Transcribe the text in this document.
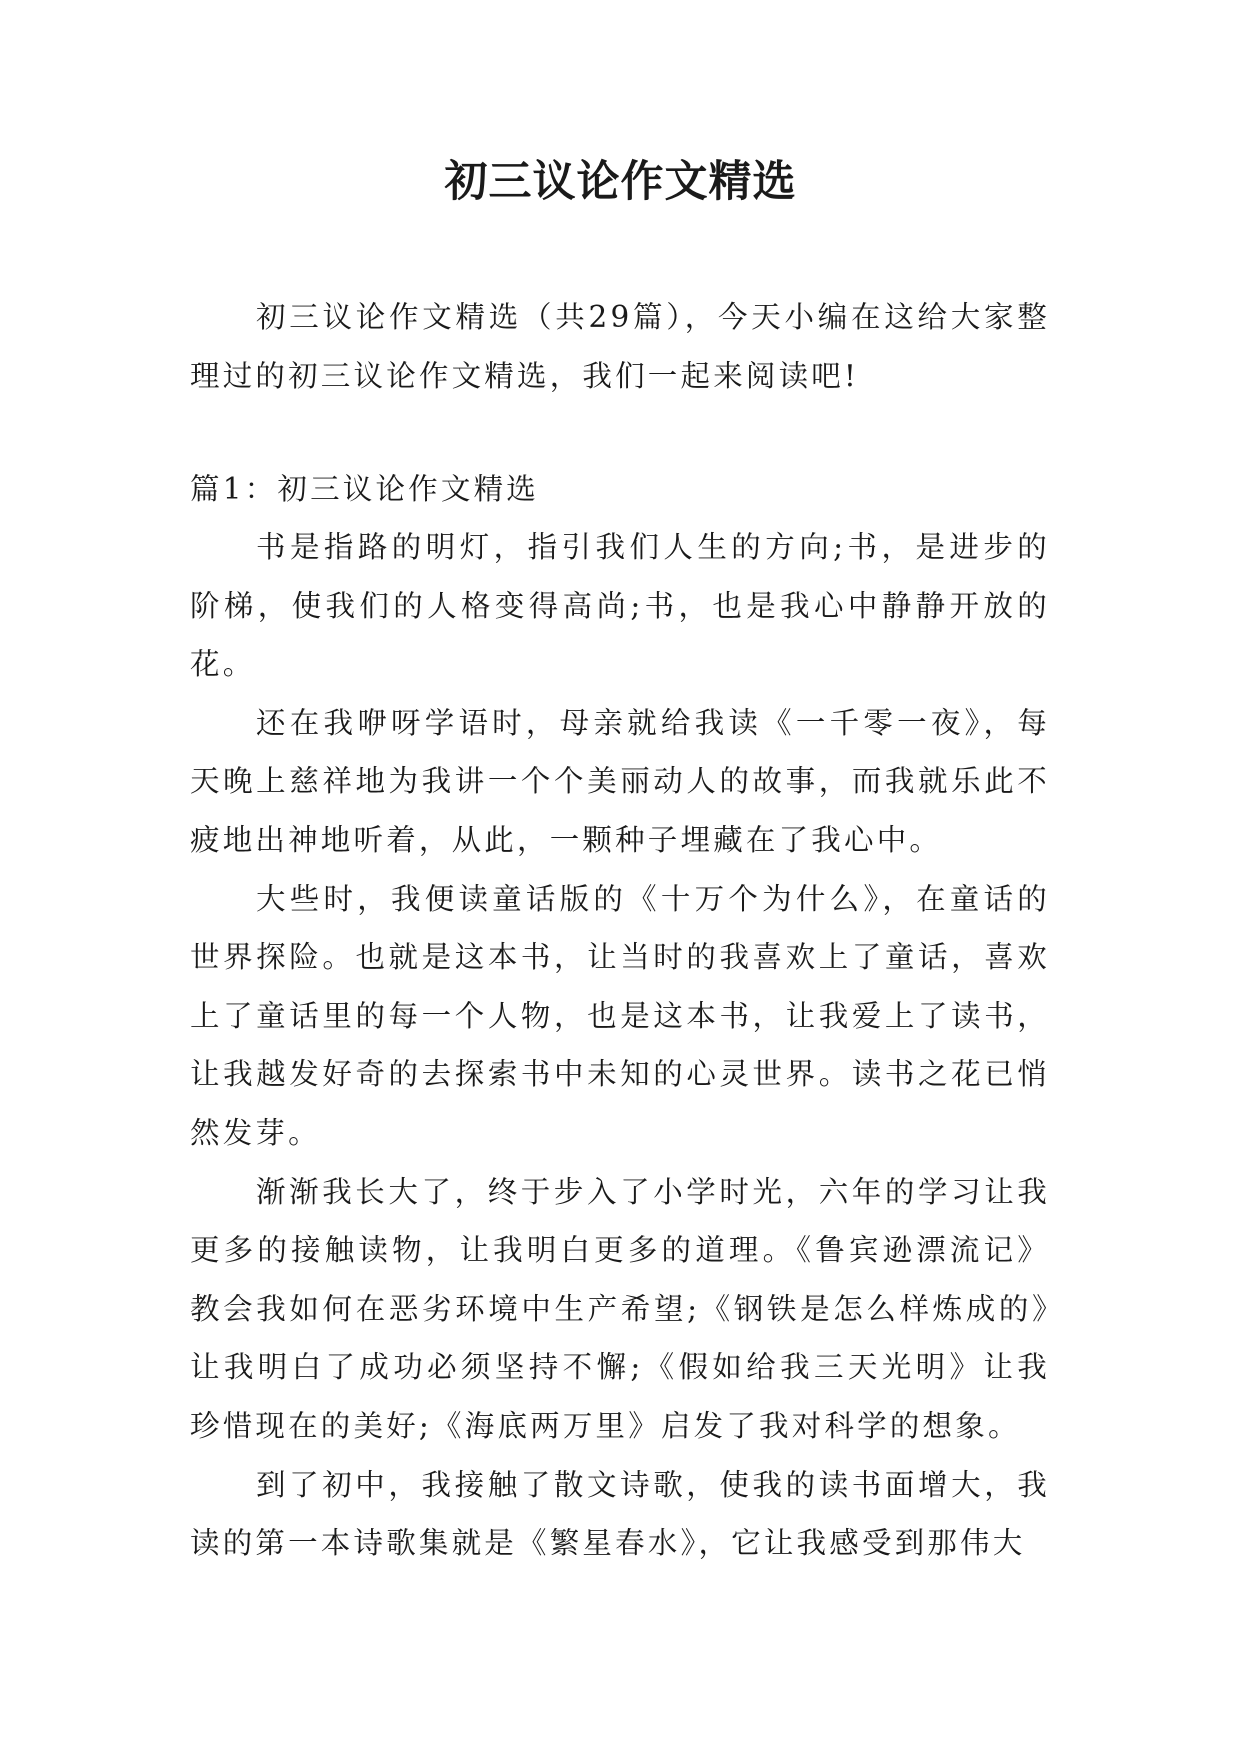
初三议论作文精选

初三议论作文精选（共29篇），今天小编在这给大家整理过的初三议论作文精选，我们一起来阅读吧!

篇1：初三议论作文精选

书是指路的明灯，指引我们人生的方向;书，是进步的阶梯，使我们的人格变得高尚;书，也是我心中静静开放的花。

还在我咿呀学语时，母亲就给我读《一千零一夜》，每天晚上慈祥地为我讲一个个美丽动人的故事，而我就乐此不疲地出神地听着，从此，一颗种子埋藏在了我心中。

大些时，我便读童话版的《十万个为什么》，在童话的世界探险。也就是这本书，让当时的我喜欢上了童话，喜欢上了童话里的每一个人物，也是这本书，让我爱上了读书，让我越发好奇的去探索书中未知的心灵世界。读书之花已悄然发芽。

渐渐我长大了，终于步入了小学时光，六年的学习让我更多的接触读物，让我明白更多的道理。《鲁宾逊漂流记》教会我如何在恶劣环境中生产希望;《钢铁是怎么样炼成的》让我明白了成功必须坚持不懈;《假如给我三天光明》让我珍惜现在的美好;《海底两万里》启发了我对科学的想象。

到了初中，我接触了散文诗歌，使我的读书面增大，我读的第一本诗歌集就是《繁星春水》，它让我感受到那伟大
